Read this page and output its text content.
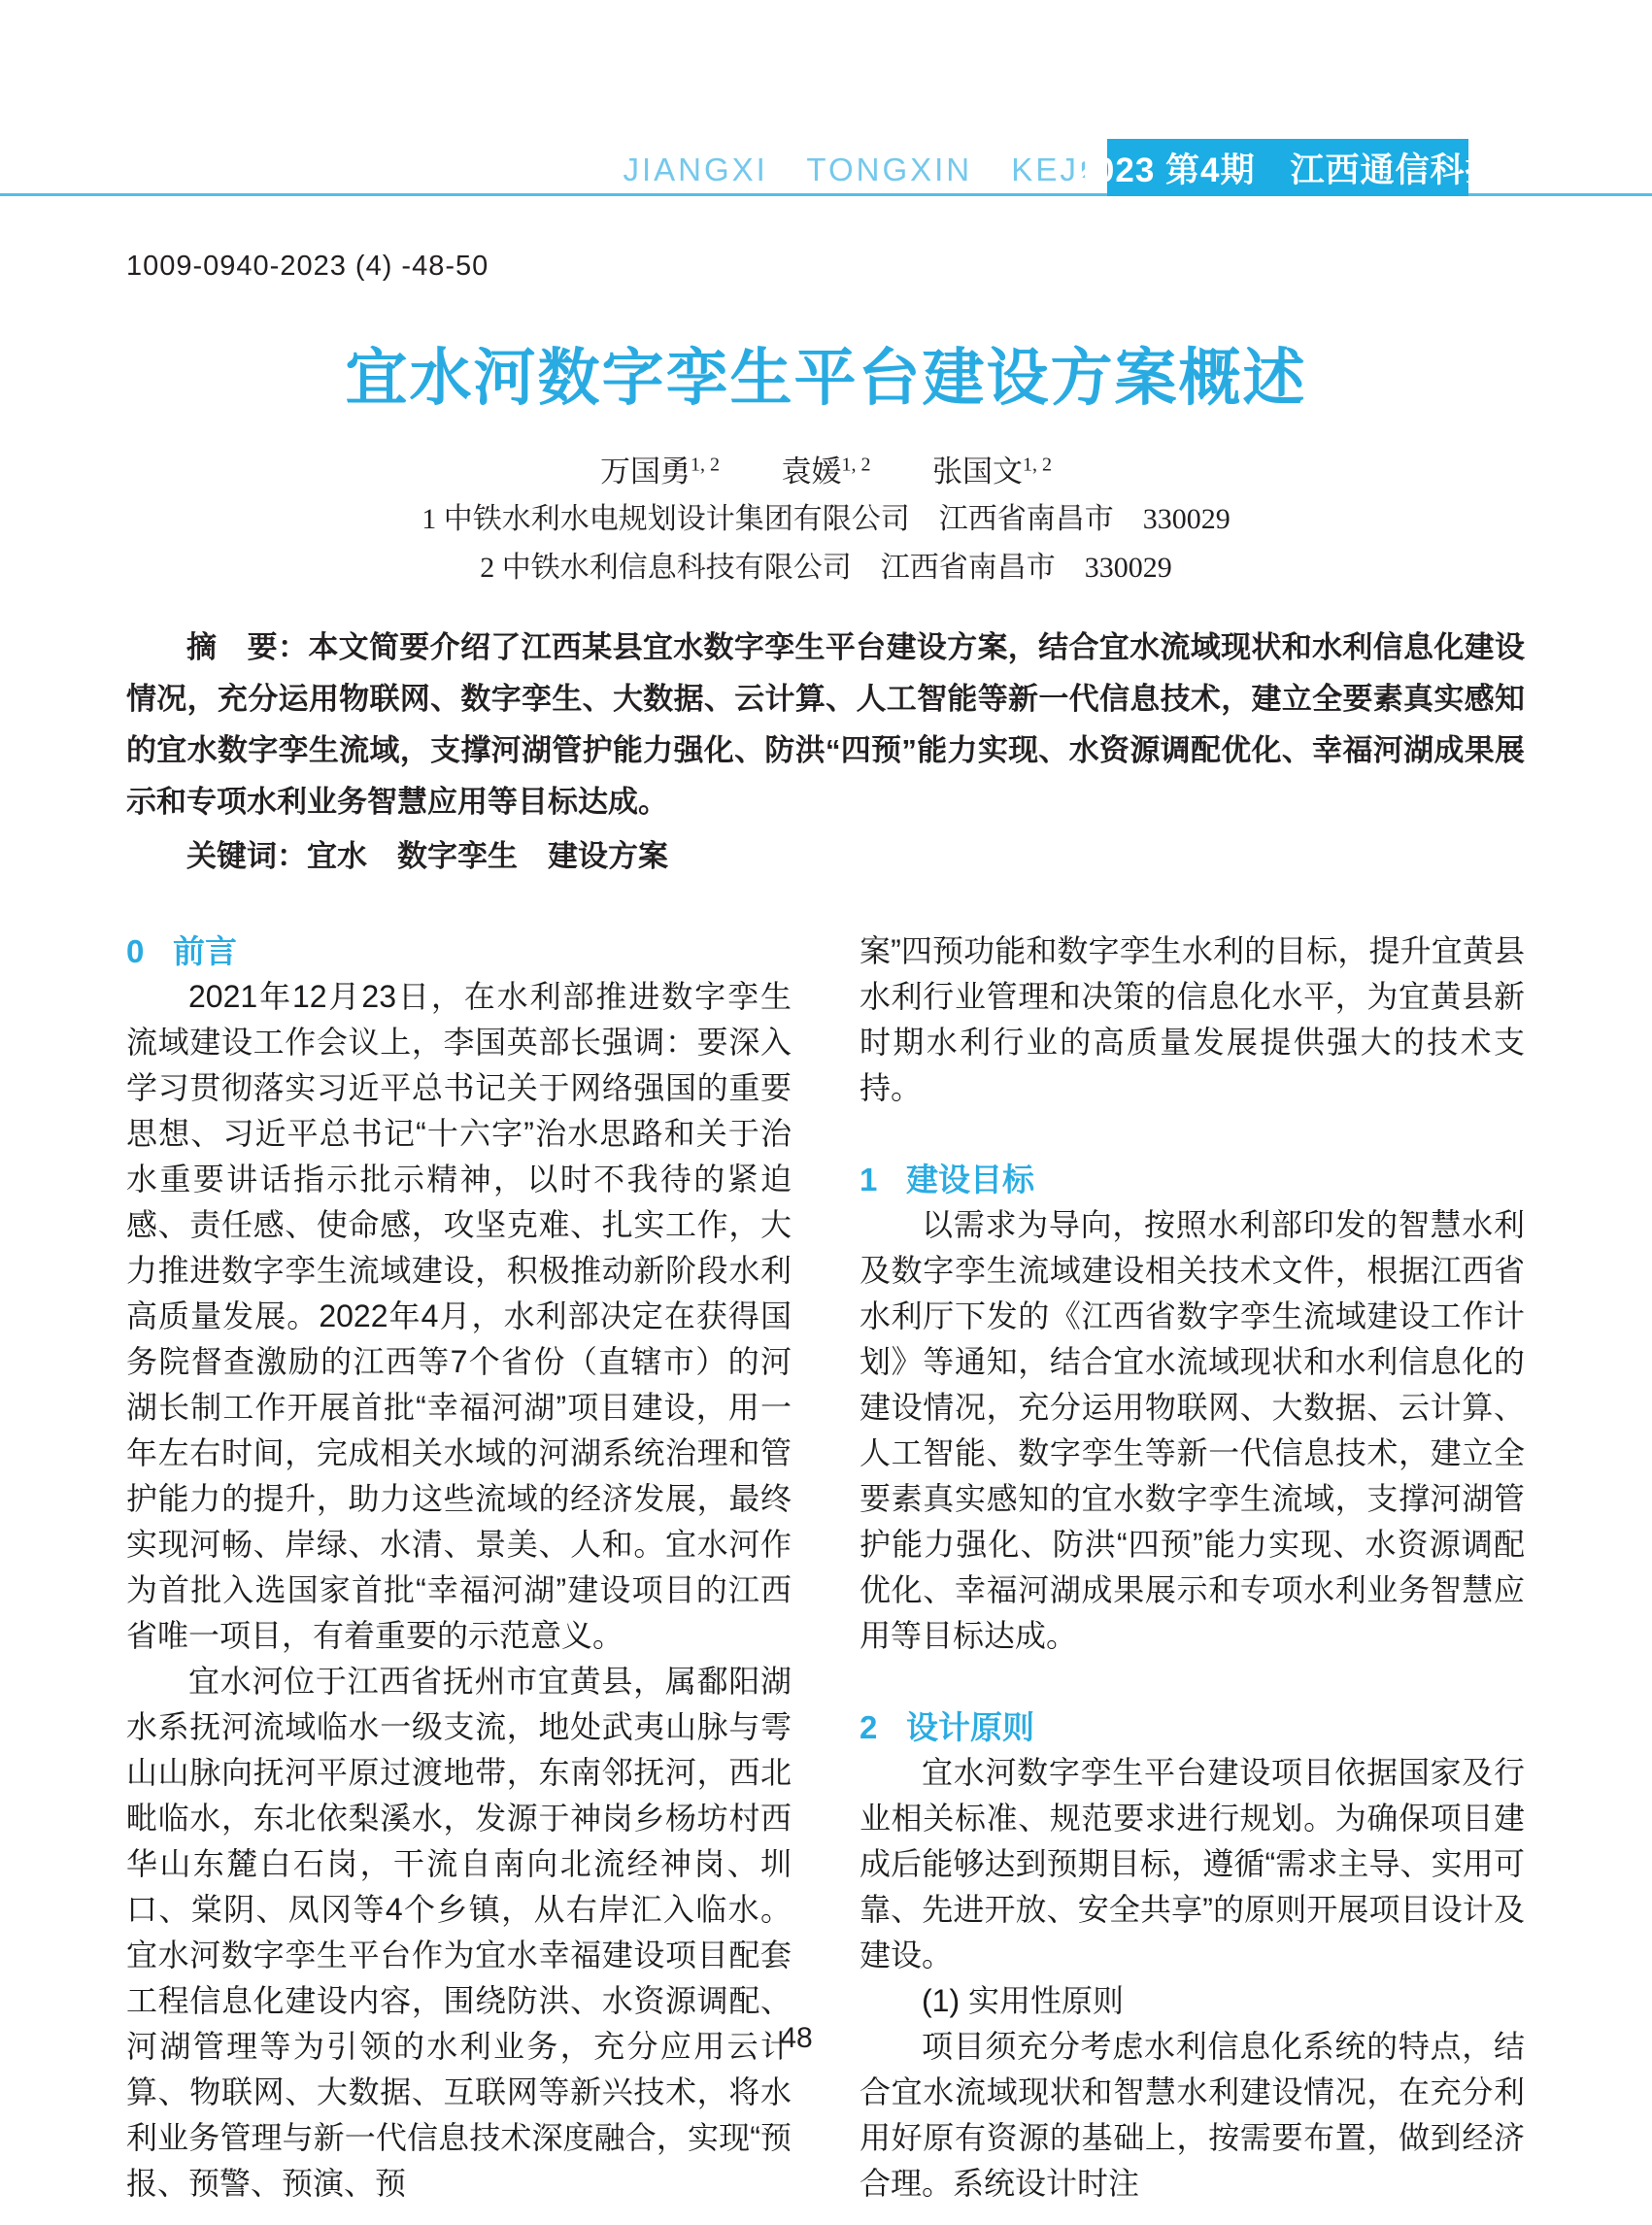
JIANGXI TONGXIN KEJI
2023 第4期　江西通信科技
1009-0940-2023 (4) -48-50
宜水河数字孪生平台建设方案概述
万国勇$^{1, 2}$ 袁媛$^{1, 2}$ 张国文$^{1, 2}$
1 中铁水利水电规划设计集团有限公司　江西省南昌市　330029
2 中铁水利信息科技有限公司　江西省南昌市　330029
摘　要：本文简要介绍了江西某县宜水数字孪生平台建设方案，结合宜水流域现状和水利信息化建设情况，充分运用物联网、数字孪生、大数据、云计算、人工智能等新一代信息技术，建立全要素真实感知的宜水数字孪生流域，支撑河湖管护能力强化、防洪“四预”能力实现、水资源调配优化、幸福河湖成果展示和专项水利业务智慧应用等目标达成。
关键词：宜水　数字孪生　建设方案
0 前言

2021年12月23日，在水利部推进数字孪生流域建设工作会议上，李国英部长强调：要深入学习贯彻落实习近平总书记关于网络强国的重要思想、习近平总书记“十六字”治水思路和关于治水重要讲话指示批示精神，以时不我待的紧迫感、责任感、使命感，攻坚克难、扎实工作，大力推进数字孪生流域建设，积极推动新阶段水利高质量发展。2022年4月，水利部决定在获得国务院督查激励的江西等7个省份（直辖市）的河湖长制工作开展首批“幸福河湖”项目建设，用一年左右时间，完成相关水域的河湖系统治理和管护能力的提升，助力这些流域的经济发展，最终实现河畅、岸绿、水清、景美、人和。宜水河作为首批入选国家首批“幸福河湖”建设项目的江西省唯一项目，有着重要的示范意义。

宜水河位于江西省抚州市宜黄县，属鄱阳湖水系抚河流域临水一级支流，地处武夷山脉与雩山山脉向抚河平原过渡地带，东南邻抚河，西北毗临水，东北依梨溪水，发源于神岗乡杨坊村西华山东麓白石岗，干流自南向北流经神岗、圳口、棠阴、凤冈等4个乡镇，从右岸汇入临水。宜水河数字孪生平台作为宜水幸福建设项目配套工程信息化建设内容，围绕防洪、水资源调配、河湖管理等为引领的水利业务，充分应用云计算、物联网、大数据、互联网等新兴技术，将水利业务管理与新一代信息技术深度融合，实现“预报、预警、预演、预

案”四预功能和数字孪生水利的目标，提升宜黄县水利行业管理和决策的信息化水平，为宜黄县新时期水利行业的高质量发展提供强大的技术支持。

1 建设目标

以需求为导向，按照水利部印发的智慧水利及数字孪生流域建设相关技术文件，根据江西省水利厅下发的《江西省数字孪生流域建设工作计划》等通知，结合宜水流域现状和水利信息化的建设情况，充分运用物联网、大数据、云计算、人工智能、数字孪生等新一代信息技术，建立全要素真实感知的宜水数字孪生流域，支撑河湖管护能力强化、防洪“四预”能力实现、水资源调配优化、幸福河湖成果展示和专项水利业务智慧应用等目标达成。

2 设计原则

宜水河数字孪生平台建设项目依据国家及行业相关标准、规范要求进行规划。为确保项目建成后能够达到预期目标，遵循“需求主导、实用可靠、先进开放、安全共享”的原则开展项目设计及建设。

(1) 实用性原则

项目须充分考虑水利信息化系统的特点，结合宜水流域现状和智慧水利建设情况，在充分利用好原有资源的基础上，按需要布置，做到经济合理。系统设计时注

48
